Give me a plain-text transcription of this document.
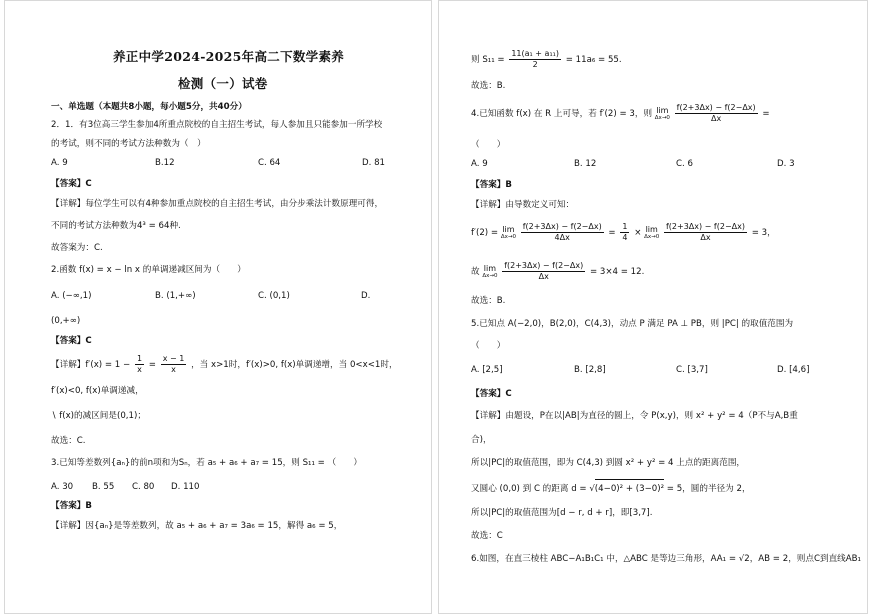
养正中学2024-2025年高二下数学素养
检测（一）试卷
一、单选题（本题共8小题，每小题5分，共40分）
2．1．有3位高三学生参加4所重点院校的自主招生考试，每人参加且只能参加一所学校
的考试，则不同的考试方法种数为（　）
A. 9	B.12	C. 64	D. 81
【答案】C
【详解】每位学生可以有4种参加重点院校的自主招生考试，由分步乘法计数原理可得，
不同的考试方法种数为4³ = 64种.
故答案为：C.
2.函数 f(x) = x − ln x 的单调递减区间为（　　）
A. (−∞,1)	B. (1,+∞)	C. (0,1)	D.
(0,+∞)
【答案】C
【详解】$f'(x) = 1 - \frac{1}{x} = \frac{x - 1}{x}$ ，当 x>1时，f′(x)>0, f(x)单调递增，当 0<x<1时，
f′(x)<0, f(x)单调递减，
∖ f(x)的减区间是(0,1)；
故选：C.
3.已知等差数列{aₙ}的前n项和为Sₙ，若 a₅ + a₆ + a₇ = 15，则 S₁₁ = （　　）
A. 30 B. 55 C. 80 D. 110
【答案】B
【详解】因{aₙ}是等差数列，故 a₅ + a₆ + a₇ = 3a₆ = 15，解得 a₆ = 5，
则 $S_{11} = \frac{\text{11(a₁ + a₁₁)}}{2} = 11a_6 = 55$.
故选：B.
4.已知函数 f(x) 在 R 上可导，若 f′(2) = 3，则 lim
Δx→0
$\frac{f(2+3\Delta x) - f(2-\Delta x)}{\Delta x}$ =
（　　）
A. 9	B. 12	C. 6	D. 3
【答案】B
【详解】由导数定义可知：
f′(2) = lim
Δx→0
$\frac{f(2+3\Delta x) - f(2-\Delta x)}{4\Delta x} = \frac{1}{4} \times \lim$
Δx→0
$\frac{f(2+3\Delta x) - f(2-\Delta x)}{\Delta x} = 3$，
故 lim
Δx→0
$\frac{f(2+3\Delta x) - f(2-\Delta x)}{\Delta x} = 3\times 4 = 12$.
故选：B.
5.已知点 A(−2,0)，B(2,0)，C(4,3)，动点 P 满足 PA ⊥ PB，则 |PC| 的取值范围为
（　　）
A. [2,5]	B. [2,8]	C. [3,7]	D. [4,6]
【答案】C
【详解】由题设，P在以|AB|为直径的圆上，令 P(x,y)，则 x² + y² = 4（P不与A,B重
合)，
所以|PC|的取值范围，即为 C(4,3) 到圆 x² + y² = 4 上点的距离范围，
又圆心 (0,0) 到 C 的距离 d = √(4−0)² + (3−0)² = 5，圆的半径为 2，
所以|PC|的取值范围为[d − r, d + r]，即[3,7].
故选：C
6.如图，在直三棱柱 ABC−A₁B₁C₁ 中，△ABC 是等边三角形，AA₁ = √2，AB = 2，则点C到直线AB₁
